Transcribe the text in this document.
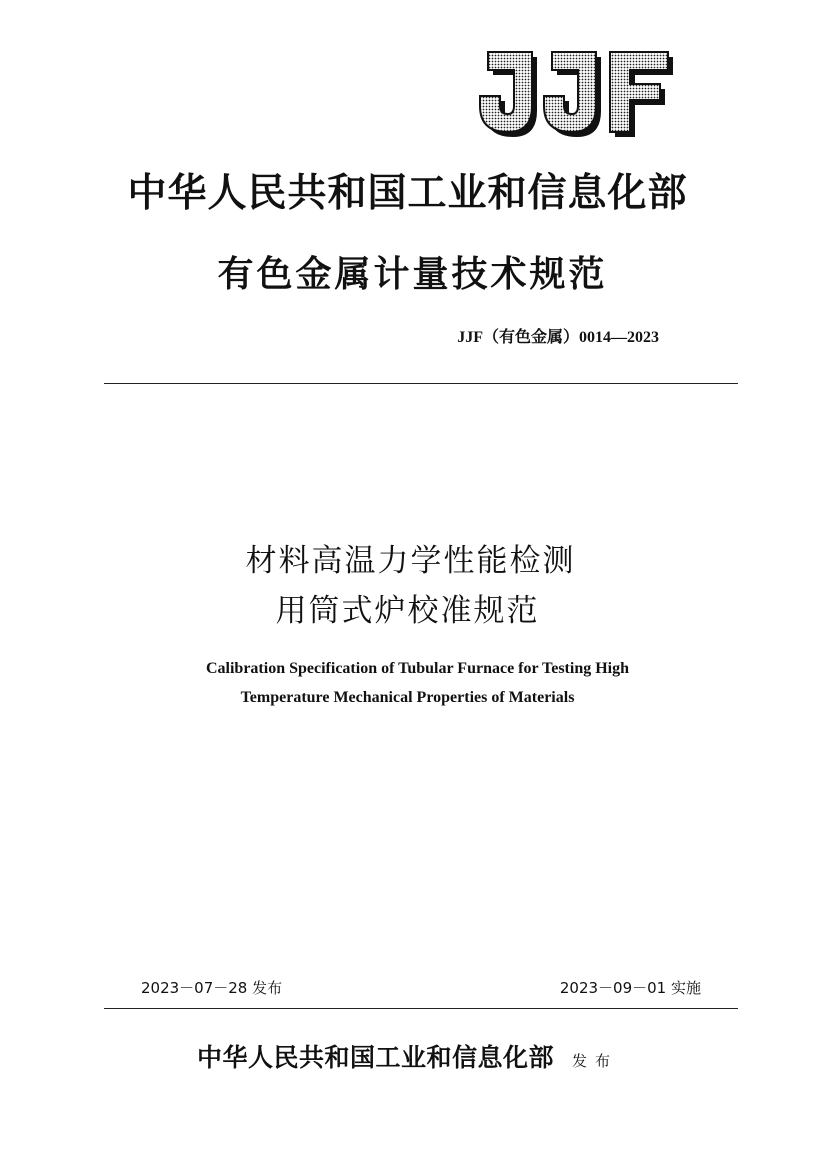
中华人民共和国工业和信息化部
有色金属计量技术规范
JJF（有色金属）0014—2023
材料高温力学性能检测
用筒式炉校准规范
Calibration Specification of Tubular Furnace for Testing High
Temperature Mechanical Properties of Materials
2023－07－28 发布	2023－09－01 实施
中华人民共和国工业和信息化部 发布
